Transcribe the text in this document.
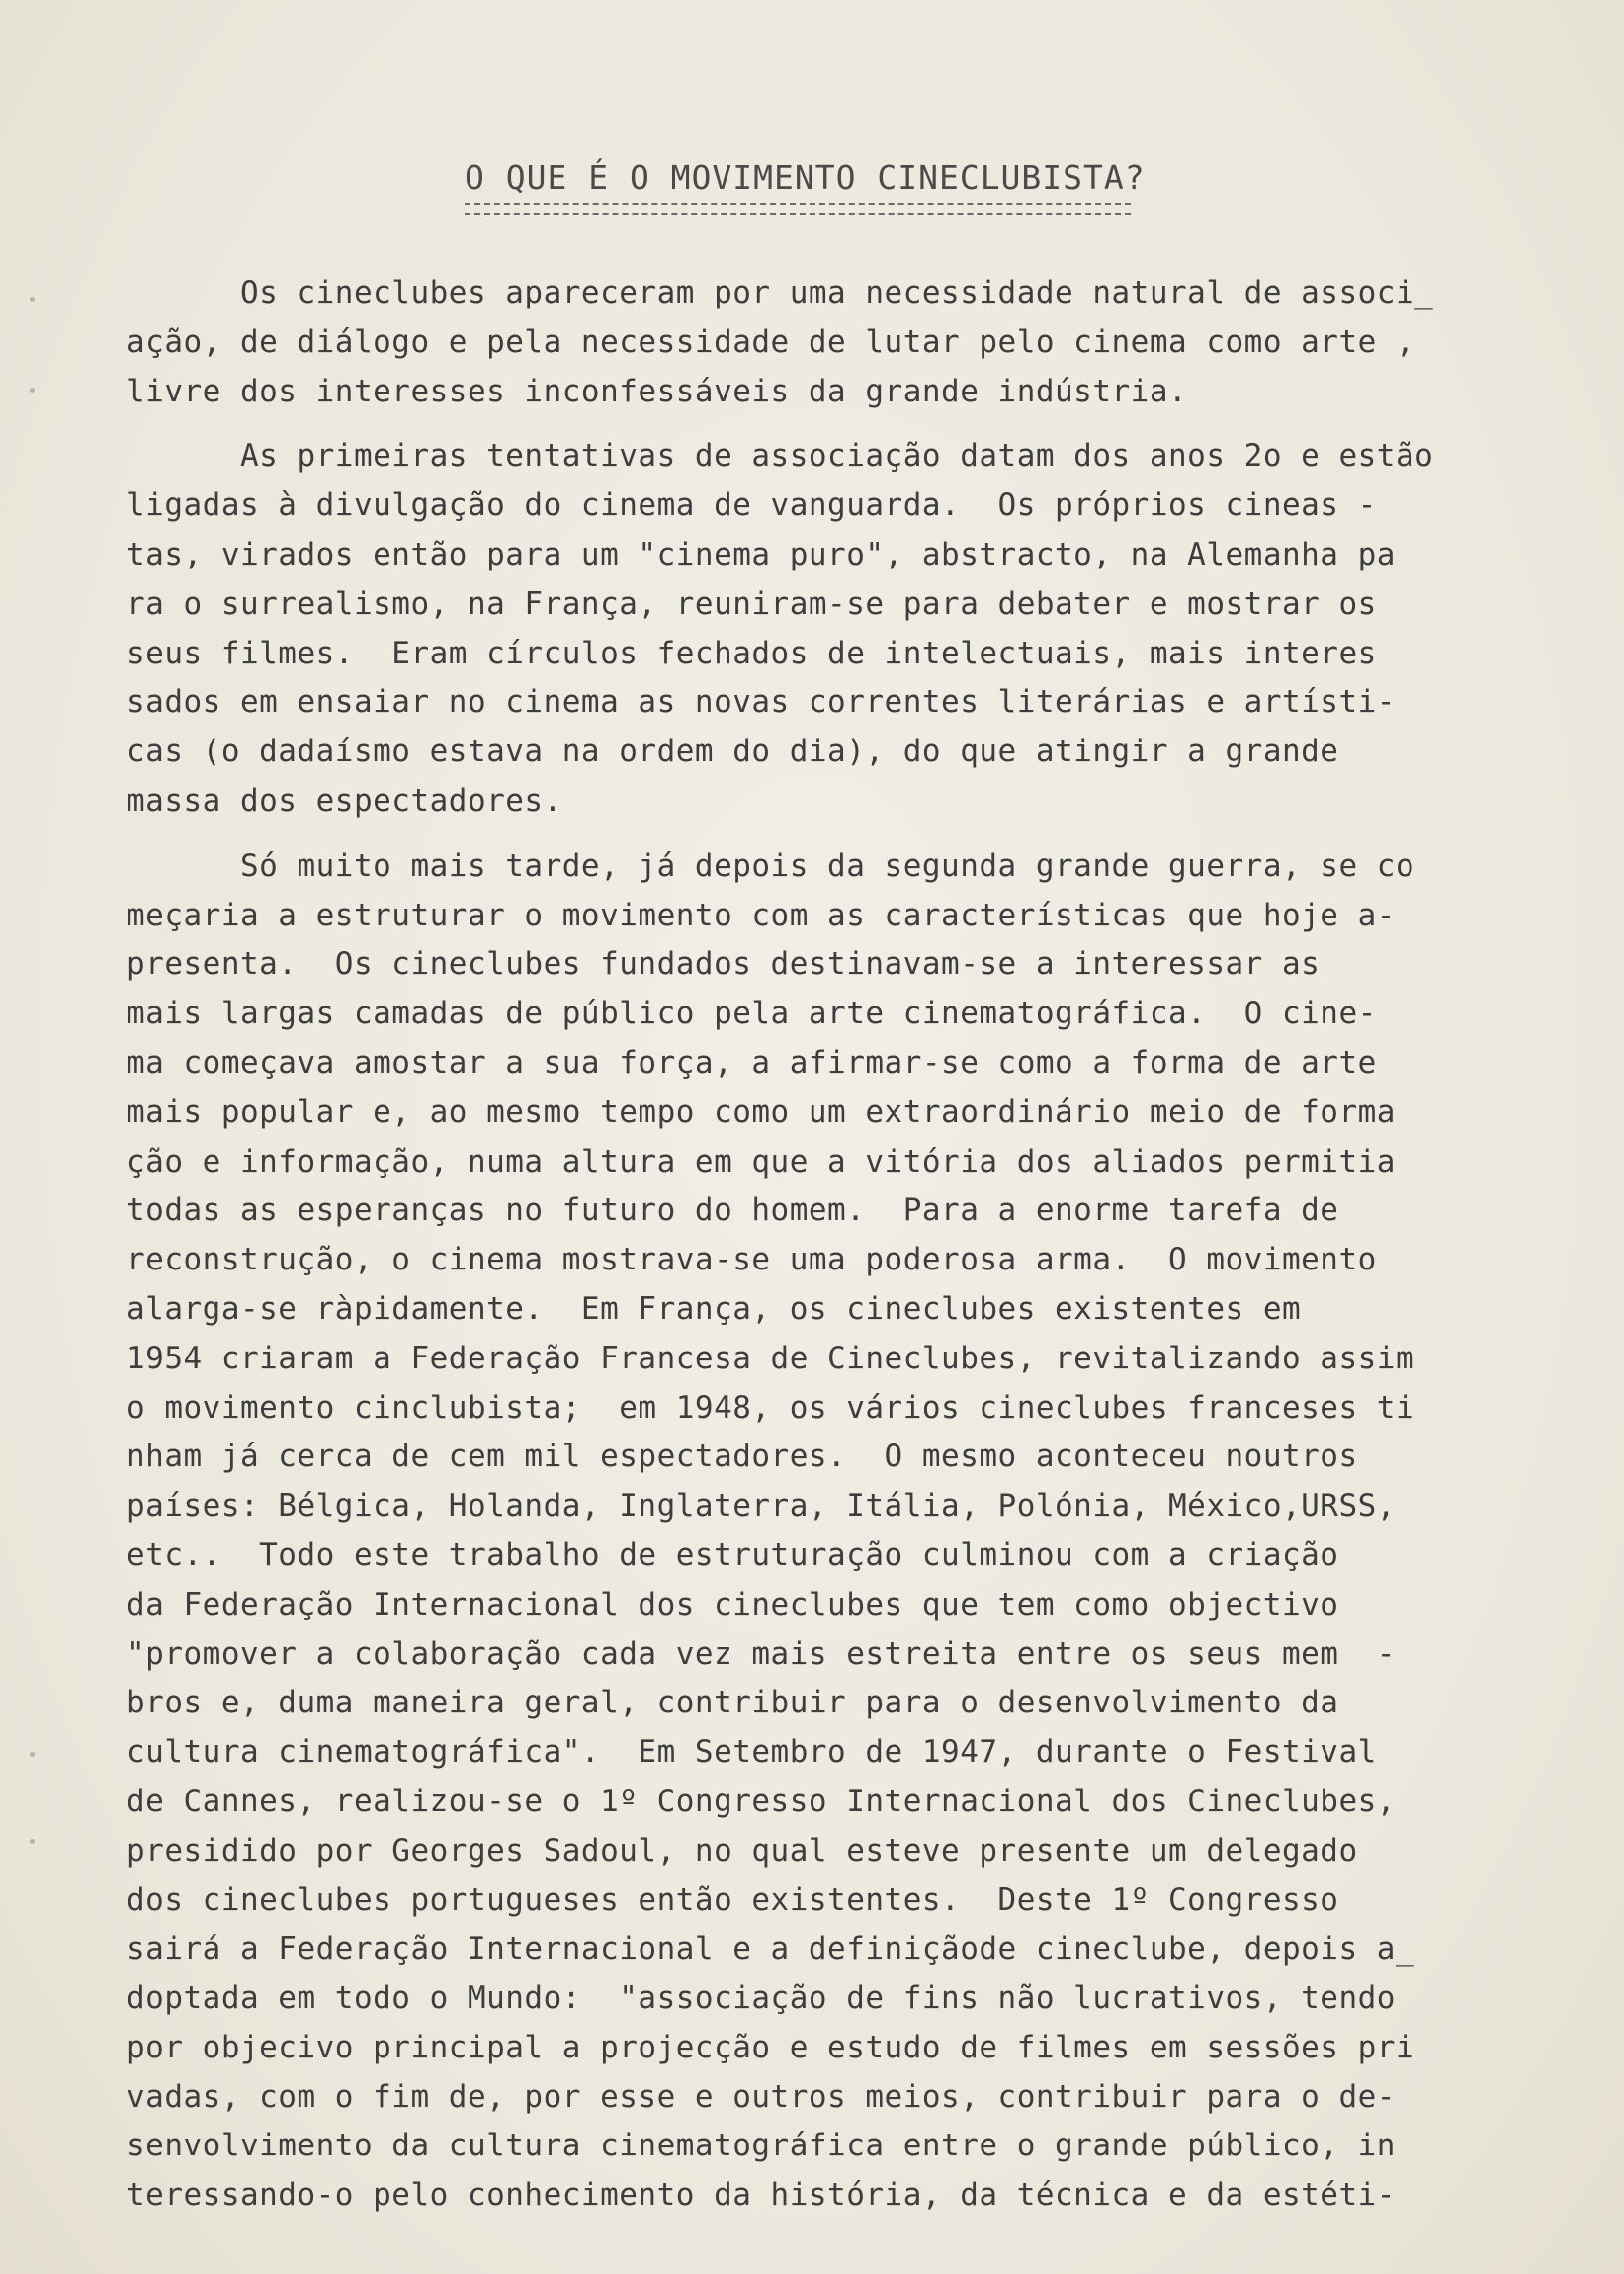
O QUE É O MOVIMENTO CINECLUBISTA?
Os cineclubes apareceram por uma necessidade natural de associ_
ação, de diálogo e pela necessidade de lutar pelo cinema como arte ,
livre dos interesses inconfessáveis da grande indústria.
As primeiras tentativas de associação datam dos anos 2o e estão
ligadas à divulgação do cinema de vanguarda.  Os próprios cineas -
tas, virados então para um "cinema puro", abstracto, na Alemanha pa
ra o surrealismo, na França, reuniram-se para debater e mostrar os
seus filmes.  Eram círculos fechados de intelectuais, mais interes
sados em ensaiar no cinema as novas correntes literárias e artísti-
cas (o dadaísmo estava na ordem do dia), do que atingir a grande
massa dos espectadores.
Só muito mais tarde, já depois da segunda grande guerra, se co
meçaria a estruturar o movimento com as características que hoje a-
presenta.  Os cineclubes fundados destinavam-se a interessar as
mais largas camadas de público pela arte cinematográfica.  O cine-
ma começava amostar a sua força, a afirmar-se como a forma de arte
mais popular e, ao mesmo tempo como um extraordinário meio de forma
ção e informação, numa altura em que a vitória dos aliados permitia
todas as esperanças no futuro do homem.  Para a enorme tarefa de
reconstrução, o cinema mostrava-se uma poderosa arma.  O movimento
alarga-se ràpidamente.  Em França, os cineclubes existentes em
1954 criaram a Federação Francesa de Cineclubes, revitalizando assim
o movimento cinclubista;  em 1948, os vários cineclubes franceses ti
nham já cerca de cem mil espectadores.  O mesmo aconteceu noutros
países: Bélgica, Holanda, Inglaterra, Itália, Polónia, México,URSS,
etc..  Todo este trabalho de estruturação culminou com a criação
da Federação Internacional dos cineclubes que tem como objectivo
"promover a colaboração cada vez mais estreita entre os seus mem  -
bros e, duma maneira geral, contribuir para o desenvolvimento da
cultura cinematográfica".  Em Setembro de 1947, durante o Festival
de Cannes, realizou-se o 1º Congresso Internacional dos Cineclubes,
presidido por Georges Sadoul, no qual esteve presente um delegado
dos cineclubes portugueses então existentes.  Deste 1º Congresso
sairá a Federação Internacional e a definiçãode cineclube, depois a_
doptada em todo o Mundo:  "associação de fins não lucrativos, tendo
por objecivo principal a projecção e estudo de filmes em sessões pri
vadas, com o fim de, por esse e outros meios, contribuir para o de-
senvolvimento da cultura cinematográfica entre o grande público, in
teressando-o pelo conhecimento da história, da técnica e da estéti-
